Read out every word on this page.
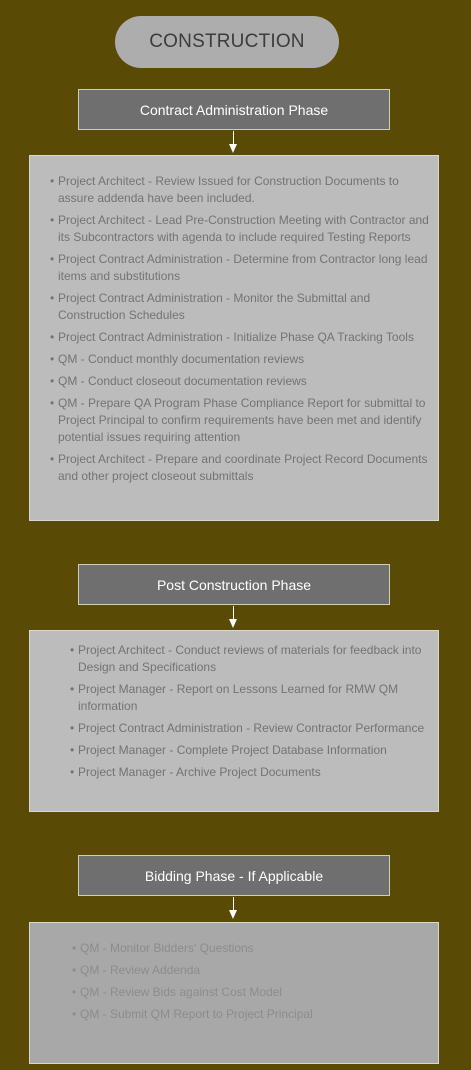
CONSTRUCTION
Contract Administration Phase
• Project Architect - Review Issued for Construction Documents to assure addenda have been included.
• Project Architect - Lead Pre-Construction Meeting with Contractor and its Subcontractors with agenda to include required Testing Reports
• Project Contract Administration - Determine from Contractor long lead items and substitutions
• Project Contract Administration - Monitor the Submittal and Construction Schedules
• Project Contract Administration - Initialize Phase QA Tracking Tools
• QM - Conduct monthly documentation reviews
• QM - Conduct closeout documentation reviews
• QM - Prepare QA Program Phase Compliance Report for submittal to Project Principal to confirm requirements have been met and identify potential issues requiring attention
• Project Architect - Prepare and coordinate Project Record Documents and other project closeout submittals
Post Construction Phase
• Project Architect - Conduct reviews of materials for feedback into Design and Specifications
• Project Manager - Report on Lessons Learned for RMW QM information
• Project Contract Administration - Review Contractor Performance
• Project Manager - Complete Project Database Information
• Project Manager - Archive Project Documents
Bidding Phase - If Applicable
• QM - Monitor Bidders' Questions
• QM - Review Addenda
• QM - Review Bids against Cost Model
• QM - Submit QM Report to Project Principal
